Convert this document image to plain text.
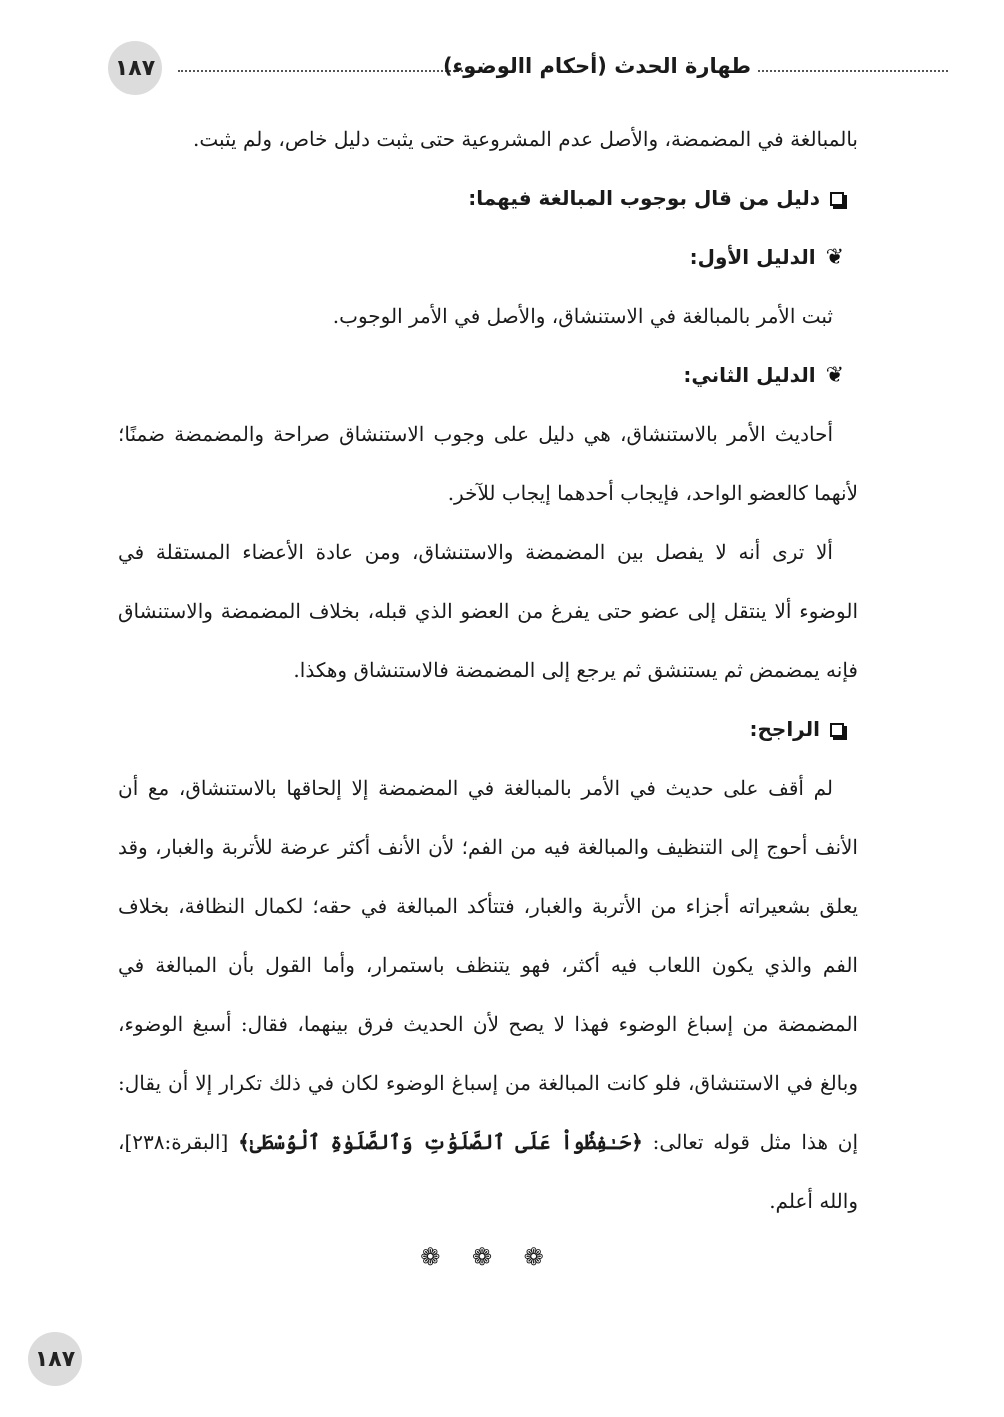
١٨٧	طهارة الحدث (أحكام االوضوء)

بالمبالغة في المضمضة، والأصل عدم المشروعية حتى يثبت دليل خاص، ولم يثبت.

دليل من قال بوجوب المبالغة فيهما:
❦
الدليل الأول:

ثبت الأمر بالمبالغة في الاستنشاق، والأصل في الأمر الوجوب.

❦
الدليل الثاني:

أحاديث الأمر بالاستنشاق، هي دليل على وجوب الاستنشاق صراحة والمضمضة ضمنًا؛ لأنهما كالعضو الواحد، فإيجاب أحدهما إيجاب للآخر.

ألا ترى أنه لا يفصل بين المضمضة والاستنشاق، ومن عادة الأعضاء المستقلة في الوضوء ألا ينتقل إلى عضو حتى يفرغ من العضو الذي قبله، بخلاف المضمضة والاستنشاق فإنه يمضمض ثم يستنشق ثم يرجع إلى المضمضة فالاستنشاق وهكذا.

الراجح:

لم أقف على حديث في الأمر بالمبالغة في المضمضة إلا إلحاقها بالاستنشاق، مع أن الأنف أحوج إلى التنظيف والمبالغة فيه من الفم؛ لأن الأنف أكثر عرضة للأتربة والغبار، وقد يعلق بشعيراته أجزاء من الأتربة والغبار، فتتأكد المبالغة في حقه؛ لكمال النظافة، بخلاف الفم والذي يكون اللعاب فيه أكثر، فهو يتنظف باستمرار، وأما القول بأن المبالغة في المضمضة من إسباغ الوضوء فهذا لا يصح لأن الحديث فرق بينهما، فقال: أسبغ الوضوء، وبالغ في الاستنشاق، فلو كانت المبالغة من إسباغ الوضوء لكان في ذلك تكرار إلا أن يقال: إن هذا مثل قوله تعالى: ﴿حَـٰفِظُواْ عَلَى ٱلصَّلَوَٰتِ وَٱلصَّلَوٰةِ ٱلْوُسْطَىٰ﴾ [البقرة:٢٣٨]، والله أعلم.

❁ ❁ ❁
١٨٧
